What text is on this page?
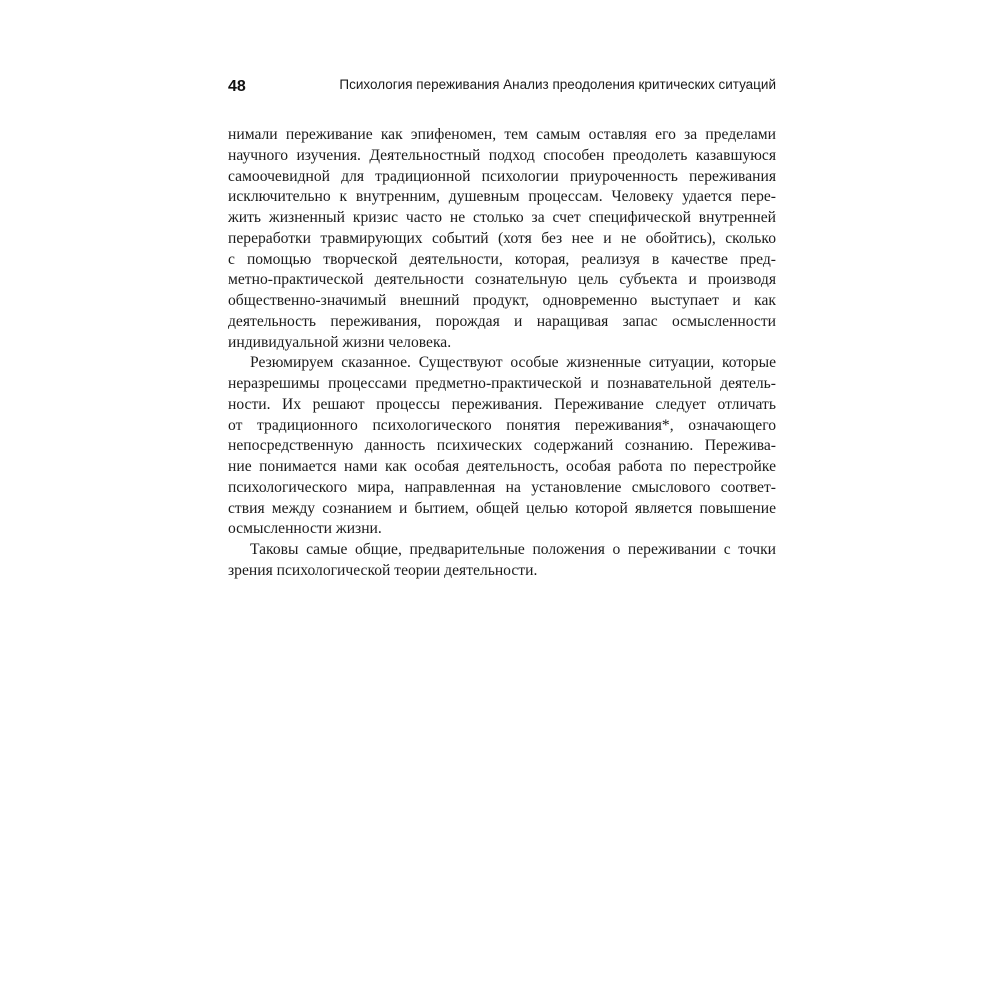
48	Психология переживания Анализ преодоления критических ситуаций
нимали переживание как эпифеномен, тем самым оставляя его за пределами
научного изучения. Деятельностный подход способен преодолеть казавшуюся
самоочевидной для традиционной психологии приуроченность переживания
исключительно к внутренним, душевным процессам. Человеку удается пере-
жить жизненный кризис часто не столько за счет специфической внутренней
переработки травмирующих событий (хотя без нее и не обойтись), сколько
с помощью творческой деятельности, которая, реализуя в качестве пред-
метно-практической деятельности сознательную цель субъекта и производя
общественно-значимый внешний продукт, одновременно выступает и как
деятельность переживания, порождая и наращивая запас осмысленности
индивидуальной жизни человека.
Резюмируем сказанное. Существуют особые жизненные ситуации, которые
неразрешимы процессами предметно-практической и познавательной деятель-
ности. Их решают процессы переживания. Переживание следует отличать
от традиционного психологического понятия переживания*, означающего
непосредственную данность психических содержаний сознанию. Пережива-
ние понимается нами как особая деятельность, особая работа по перестройке
психологического мира, направленная на установление смыслового соответ-
ствия между сознанием и бытием, общей целью которой является повышение
осмысленности жизни.
Таковы самые общие, предварительные положения о переживании с точки
зрения психологической теории деятельности.
